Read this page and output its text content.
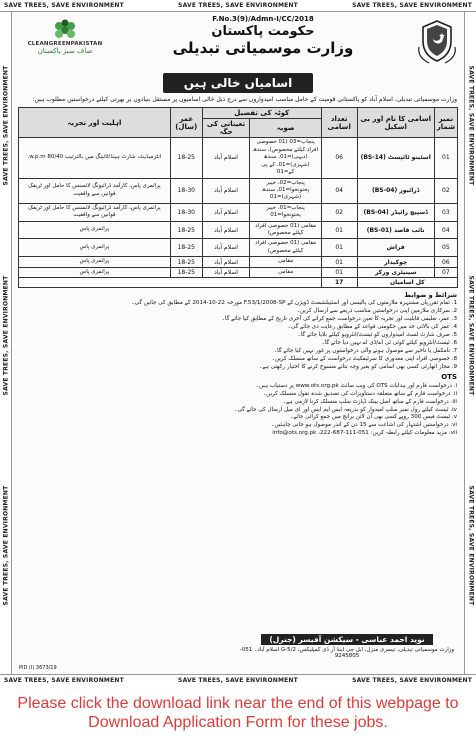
SAVE TREES, SAVE ENVIRONMENT	SAVE TREES, SAVE ENVIRONMENT	SAVE TREES, SAVE ENVIRONMENT
SAVE TREES, SAVE ENVIRONMENT	SAVE TREES, SAVE ENVIRONMENT	SAVE TREES, SAVE ENVIRONMENT
SAVE TREES, SAVE ENVIRONMENT
SAVE TREES, SAVE ENVIRONMENT
SAVE TREES, SAVE ENVIRONMENT
SAVE TREES, SAVE ENVIRONMENT
SAVE TREES, SAVE ENVIRONMENT
SAVE TREES, SAVE ENVIRONMENT
CLEANGREENPAKISTAN
صاف سبز پاکستان
F.No.3(9)/Admn-I/CC/2018
حکومت پاکستان
وزارت موسمیاتی تبدیلی
اسامیاں خالی ہیں
وزارت موسمیاتی تبدیلی، اسلام آباد کو پاکستانی قومیت کے حامل مناسب امیدواروں سے درج ذیل خالی اسامیوں پر مستقل بنیادوں پر بھرتی کیلئے درخواستیں مطلوب ہیں:
نمبر شمار	اسامی کا نام اور بی اسکیل	تعداد اسامی	کوٹہ کی تفصیل		عمر (سال)	اہلیت اور تجربہ
			صوبہ	تعیناتی کی جگہ		
01	اسٹینو ٹائپسٹ (BS-14)	06	پنجاب=03 (01 خصوصی افراد کیلئے مخصوص)، سندھ (دیہی)=01، سندھ (شہری)=01، کے پی کے=01	اسلام آباد	18-25	انٹرمیڈیٹ، شارٹ ہینڈ/ٹائپنگ میں بالترتیب 80/40 w.p.m.
02	ڈرائیور (BS-04)	04	پنجاب=02، خیبر پختونخوا=01، سندھ (شہری)=01	اسلام آباد	18-30	پرائمری پاس، کارآمد ڈرائیونگ لائسنس کا حامل اور ٹریفک قوانین سے واقفیت
03	ڈسپیچ رائیڈر (BS-04)	02	پنجاب=01، خیبر پختونخوا=01	اسلام آباد	18-30	پرائمری پاس، کارآمد ڈرائیونگ لائسنس کا حامل اور ٹریفک قوانین سے واقفیت
04	نائب قاصد (BS-01)	01	مقامی (01 خصوصی افراد کیلئے مخصوص)	اسلام آباد	18-25	پرائمری پاس
05	فراش	01	مقامی (01 خصوصی افراد کیلئے مخصوص)	اسلام آباد	18-25	پرائمری پاس
06	چوکیدار	01	مقامی	اسلام آباد	18-25	پرائمری پاس
07	سینیٹری ورکر	01	مقامی	اسلام آباد	18-25	پرائمری پاس
کل اسامیاں		17				
شرائط و ضوابط
1. تمام تقرریاں مشتہرہ ملازمتوں کی پالیسی اور اسٹیبلشمنٹ ڈویژن کے F.53/1/2008-SP مورخہ 22-10-2014 کے مطابق کی جائیں گی۔
2. سرکاری ملازمین اپنی درخواستیں مناسب ذریعے سے ارسال کریں۔
3. عمر، تعلیمی قابلیت اور تجربہ کا تعین درخواست جمع کرانے کی آخری تاریخ کے مطابق کیا جائے گا۔
4. عمر کی بالائی حد میں حکومتی قواعد کے مطابق رعایت دی جائے گی۔
5. صرف شارٹ لسٹ امیدواروں کو ٹیسٹ/انٹرویو کیلئے بلایا جائے گا۔
6. ٹیسٹ/انٹرویو کیلئے کوئی ٹی اے/ڈی اے نہیں دیا جائے گا۔
7. نامکمل یا تاخیر سے موصول ہونے والی درخواستوں پر غور نہیں کیا جائے گا۔
8. خصوصی افراد اپنی معذوری کا سرٹیفکیٹ درخواست کے ساتھ منسلک کریں۔
9. مجاز اتھارٹی کسی بھی اسامی کو بغیر وجہ بتائے منسوخ کرنے کا اختیار رکھتی ہے۔
OTS
i. درخواست فارم اور ہدایات OTS کی ویب سائٹ www.ots.org.pk پر دستیاب ہیں۔
ii. درخواست فارم کے ساتھ متعلقہ دستاویزات کی تصدیق شدہ نقول منسلک کریں۔
iii. درخواست فارم کے ساتھ اصل بینک ڈپازٹ سلپ منسلک کرنا لازمی ہے۔
iv. ٹیسٹ کیلئے رول نمبر سلپ امیدوار کو بذریعہ ایس ایم ایس اور ای میل ارسال کی جائے گی۔
v. ٹیسٹ فیس 300 روپے کسی بھی آن لائن برانچ میں جمع کرائی جائے۔
vi. درخواستیں اشتہار کی اشاعت سے 15 دن کے اندر موصول ہو جانی چاہئیں۔
vii. مزید معلومات کیلئے رابطہ کریں: 051-111-687-222، info@ots.org.pk
نوید احمد عباسی - سیکشن آفیسر (جنرل)
وزارت موسمیاتی تبدیلی، تیسری منزل، ایل جی اینڈ آر ڈی کمپلیکس، G-5/2 اسلام آباد۔ 051-9245805
PID (I) 3673/19

Please click the download link near the end of this webpage to Download Application Form for these jobs.
